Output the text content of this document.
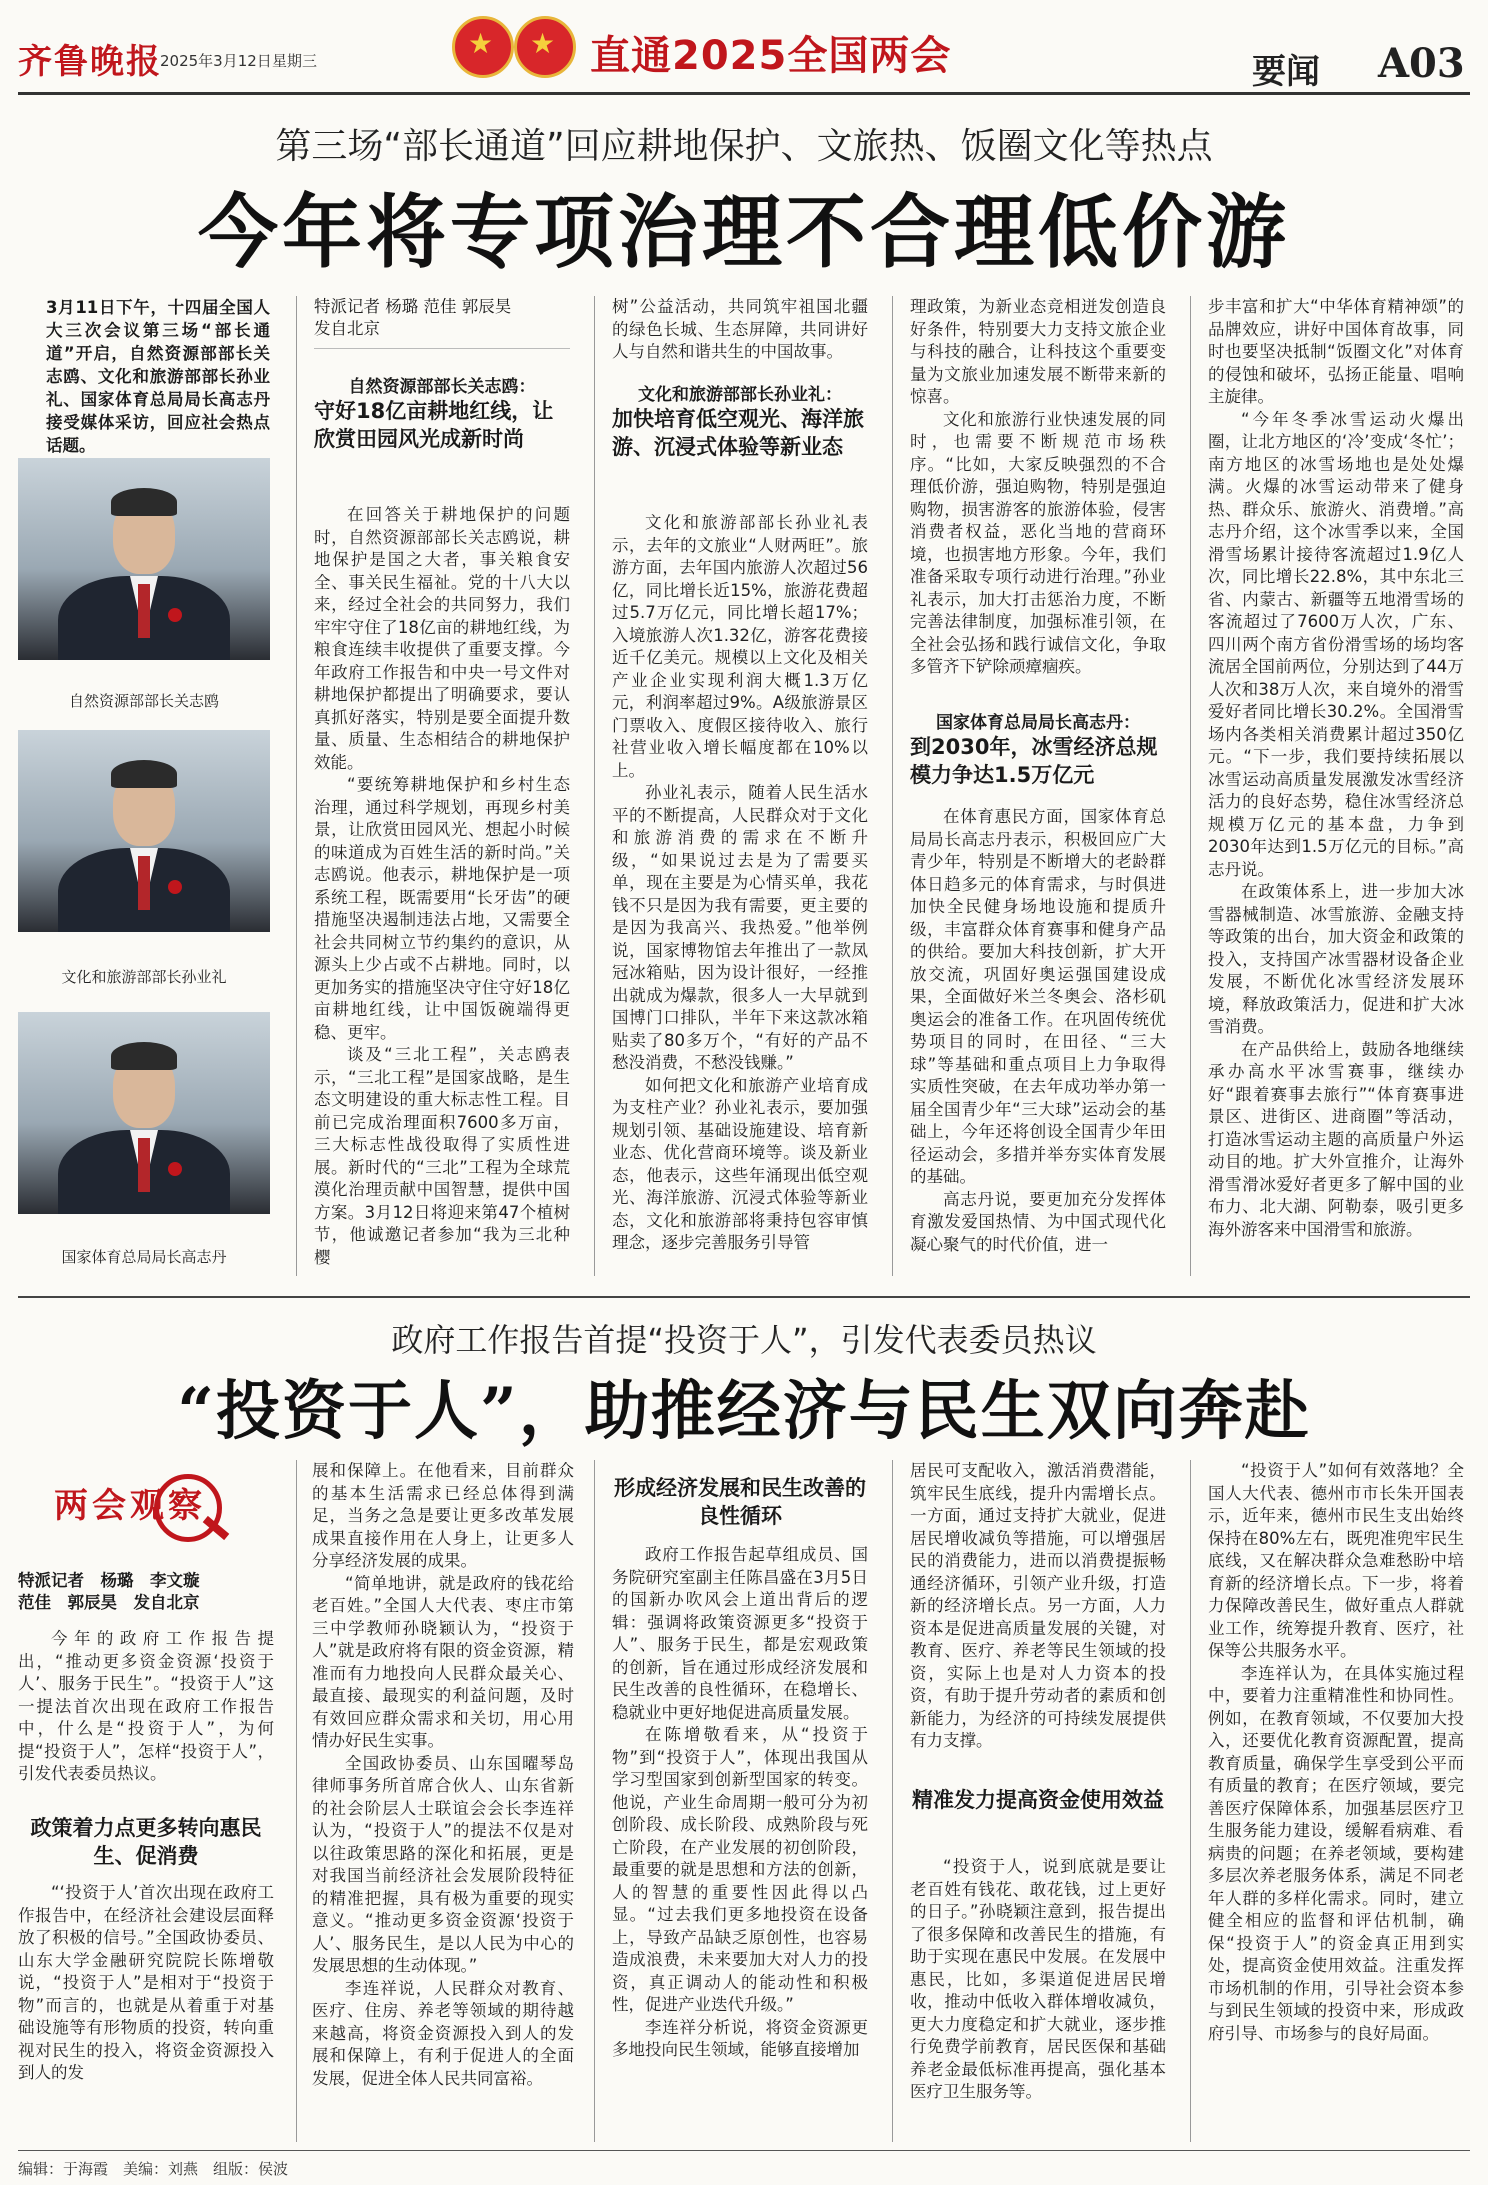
齐鲁晚报
2025年3月12日 星期三
★ ★ 直通2025全国两会	要闻 A03
第三场“部长通道”回应耕地保护、文旅热、饭圈文化等热点
今年将专项治理不合理低价游
3月11日下午，十四届全国人大三次会议第三场“部长通道”开启，自然资源部部长关志鸥、文化和旅游部部长孙业礼、国家体育总局局长高志丹接受媒体采访，回应社会热点话题。
自然资源部部长关志鸥
文化和旅游部部长孙业礼
国家体育总局局长高志丹
特派记者 杨璐 范佳 郭辰昊
发自北京
自然资源部部长关志鸥：
守好18亿亩耕地红线，让欣赏田园风光成新时尚

在回答关于耕地保护的问题时，自然资源部部长关志鸥说，耕地保护是国之大者，事关粮食安全、事关民生福祉。党的十八大以来，经过全社会的共同努力，我们牢牢守住了18亿亩的耕地红线，为粮食连续丰收提供了重要支撑。今年政府工作报告和中央一号文件对耕地保护都提出了明确要求，要认真抓好落实，特别是要全面提升数量、质量、生态相结合的耕地保护效能。

“要统筹耕地保护和乡村生态治理，通过科学规划，再现乡村美景，让欣赏田园风光、想起小时候的味道成为百姓生活的新时尚。”关志鸥说。他表示，耕地保护是一项系统工程，既需要用“长牙齿”的硬措施坚决遏制违法占地，又需要全社会共同树立节约集约的意识，从源头上少占或不占耕地。同时，以更加务实的措施坚决守住守好18亿亩耕地红线，让中国饭碗端得更稳、更牢。

谈及“三北工程”，关志鸥表示，“三北工程”是国家战略，是生态文明建设的重大标志性工程。目前已完成治理面积7600多万亩，三大标志性战役取得了实质性进展。新时代的“三北”工程为全球荒漠化治理贡献中国智慧，提供中国方案。3月12日将迎来第47个植树节，他诚邀记者参加“我为三北种樱

树”公益活动，共同筑牢祖国北疆的绿色长城、生态屏障，共同讲好人与自然和谐共生的中国故事。

文化和旅游部部长孙业礼：
加快培育低空观光、海洋旅游、沉浸式体验等新业态

文化和旅游部部长孙业礼表示，去年的文旅业“人财两旺”。旅游方面，去年国内旅游人次超过56亿，同比增长近15%，旅游花费超过5.7万亿元，同比增长超17%；入境旅游人次1.32亿，游客花费接近千亿美元。规模以上文化及相关产业企业实现利润大概1.3万亿元，利润率超过9%。A级旅游景区门票收入、度假区接待收入、旅行社营业收入增长幅度都在10%以上。

孙业礼表示，随着人民生活水平的不断提高，人民群众对于文化和旅游消费的需求在不断升级，“如果说过去是为了需要买单，现在主要是为心情买单，我花钱不只是因为我有需要，更主要的是因为我高兴、我热爱。”他举例说，国家博物馆去年推出了一款凤冠冰箱贴，因为设计很好，一经推出就成为爆款，很多人一大早就到国博门口排队，半年下来这款冰箱贴卖了80多万个，“有好的产品不愁没消费，不愁没钱赚。”

如何把文化和旅游产业培育成为支柱产业？孙业礼表示，要加强规划引领、基础设施建设、培育新业态、优化营商环境等。谈及新业态，他表示，这些年涌现出低空观光、海洋旅游、沉浸式体验等新业态，文化和旅游部将秉持包容审慎理念，逐步完善服务引导管

理政策，为新业态竞相迸发创造良好条件，特别要大力支持文旅企业与科技的融合，让科技这个重要变量为文旅业加速发展不断带来新的惊喜。

文化和旅游行业快速发展的同时，也需要不断规范市场秩序。“比如，大家反映强烈的不合理低价游，强迫购物，特别是强迫购物，损害游客的旅游体验，侵害消费者权益，恶化当地的营商环境，也损害地方形象。今年，我们准备采取专项行动进行治理。”孙业礼表示，加大打击惩治力度，不断完善法律制度，加强标准引领，在全社会弘扬和践行诚信文化，争取多管齐下铲除顽瘴痼疾。

国家体育总局局长高志丹：
到2030年，冰雪经济总规模力争达1.5万亿元

在体育惠民方面，国家体育总局局长高志丹表示，积极回应广大青少年，特别是不断增大的老龄群体日趋多元的体育需求，与时俱进加快全民健身场地设施和提质升级，丰富群众体育赛事和健身产品的供给。要加大科技创新，扩大开放交流，巩固好奥运强国建设成果，全面做好米兰冬奥会、洛杉矶奥运会的准备工作。在巩固传统优势项目的同时，在田径、“三大球”等基础和重点项目上力争取得实质性突破，在去年成功举办第一届全国青少年“三大球”运动会的基础上，今年还将创设全国青少年田径运动会，多措并举夯实体育发展的基础。

高志丹说，要更加充分发挥体育激发爱国热情、为中国式现代化凝心聚气的时代价值，进一

步丰富和扩大“中华体育精神颂”的品牌效应，讲好中国体育故事，同时也要坚决抵制“饭圈文化”对体育的侵蚀和破坏，弘扬正能量、唱响主旋律。

“今年冬季冰雪运动火爆出圈，让北方地区的‘冷’变成‘冬忙’；南方地区的冰雪场地也是处处爆满。火爆的冰雪运动带来了健身热、群众乐、旅游火、消费增。”高志丹介绍，这个冰雪季以来，全国滑雪场累计接待客流超过1.9亿人次，同比增长22.8%，其中东北三省、内蒙古、新疆等五地滑雪场的客流超过了7600万人次，广东、四川两个南方省份滑雪场的场均客流居全国前两位，分别达到了44万人次和38万人次，来自境外的滑雪爱好者同比增长30.2%。全国滑雪场内各类相关消费累计超过350亿元。“下一步，我们要持续拓展以冰雪运动高质量发展激发冰雪经济活力的良好态势，稳住冰雪经济总规模万亿元的基本盘，力争到2030年达到1.5万亿元的目标。”高志丹说。

在政策体系上，进一步加大冰雪器械制造、冰雪旅游、金融支持等政策的出台，加大资金和政策的投入，支持国产冰雪器材设备企业发展，不断优化冰雪经济发展环境，释放政策活力，促进和扩大冰雪消费。

在产品供给上，鼓励各地继续承办高水平冰雪赛事，继续办好“跟着赛事去旅行”“体育赛事进景区、进街区、进商圈”等活动，打造冰雪运动主题的高质量户外运动目的地。扩大外宣推介，让海外滑雪滑冰爱好者更多了解中国的业布力、北大湖、阿勒泰，吸引更多海外游客来中国滑雪和旅游。

政府工作报告首提“投资于人”，引发代表委员热议
“投资于人”，助推经济与民生双向奔赴
两会观察
特派记者　杨璐　李文璇
范佳　郭辰昊　发自北京

今年的政府工作报告提出，“推动更多资金资源‘投资于人’、服务于民生”。“投资于人”这一提法首次出现在政府工作报告中，什么是“投资于人”，为何提“投资于人”，怎样“投资于人”，引发代表委员热议。

政策着力点更多转向惠民生、促消费

“‘投资于人’首次出现在政府工作报告中，在经济社会建设层面释放了积极的信号。”全国政协委员、山东大学金融研究院院长陈增敬说，“投资于人”是相对于“投资于物”而言的，也就是从着重于对基础设施等有形物质的投资，转向重视对民生的投入，将资金资源投入到人的发

展和保障上。在他看来，目前群众的基本生活需求已经总体得到满足，当务之急是要让更多改革发展成果直接作用在人身上，让更多人分享经济发展的成果。

“简单地讲，就是政府的钱花给老百姓。”全国人大代表、枣庄市第三中学教师孙晓颖认为，“投资于人”就是政府将有限的资金资源，精准而有力地投向人民群众最关心、最直接、最现实的利益问题，及时有效回应群众需求和关切，用心用情办好民生实事。

全国政协委员、山东国曜琴岛律师事务所首席合伙人、山东省新的社会阶层人士联谊会会长李连祥认为，“投资于人”的提法不仅是对以往政策思路的深化和拓展，更是对我国当前经济社会发展阶段特征的精准把握，具有极为重要的现实意义。“推动更多资金资源‘投资于人’、服务民生，是以人民为中心的发展思想的生动体现。”

李连祥说，人民群众对教育、医疗、住房、养老等领域的期待越来越高，将资金资源投入到人的发展和保障上，有利于促进人的全面发展，促进全体人民共同富裕。

形成经济发展和民生改善的良性循环

政府工作报告起草组成员、国务院研究室副主任陈昌盛在3月5日的国新办吹风会上道出背后的逻辑：强调将政策资源更多“投资于人”、服务于民生，都是宏观政策的创新，旨在通过形成经济发展和民生改善的良性循环，在稳增长、稳就业中更好地促进高质量发展。

在陈增敬看来，从“投资于物”到“投资于人”，体现出我国从学习型国家到创新型国家的转变。他说，产业生命周期一般可分为初创阶段、成长阶段、成熟阶段与死亡阶段，在产业发展的初创阶段，最重要的就是思想和方法的创新，人的智慧的重要性因此得以凸显。“过去我们更多地投资在设备上，导致产品缺乏原创性，也容易造成浪费，未来要加大对人力的投资，真正调动人的能动性和积极性，促进产业迭代升级。”

李连祥分析说，将资金资源更多地投向民生领域，能够直接增加

居民可支配收入，激活消费潜能，筑牢民生底线，提升内需增长点。一方面，通过支持扩大就业，促进居民增收减负等措施，可以增强居民的消费能力，进而以消费提振畅通经济循环，引领产业升级，打造新的经济增长点。另一方面，人力资本是促进高质量发展的关键，对教育、医疗、养老等民生领域的投资，实际上也是对人力资本的投资，有助于提升劳动者的素质和创新能力，为经济的可持续发展提供有力支撑。

精准发力提高资金使用效益

“投资于人，说到底就是要让老百姓有钱花、敢花钱，过上更好的日子。”孙晓颖注意到，报告提出了很多保障和改善民生的措施，有助于实现在惠民中发展。在发展中惠民，比如，多渠道促进居民增收，推动中低收入群体增收减负，更大力度稳定和扩大就业，逐步推行免费学前教育，居民医保和基础养老金最低标准再提高，强化基本医疗卫生服务等。

“投资于人”如何有效落地？全国人大代表、德州市市长朱开国表示，近年来，德州市民生支出始终保持在80%左右，既兜准兜牢民生底线，又在解决群众急难愁盼中培育新的经济增长点。下一步，将着力保障改善民生，做好重点人群就业工作，统筹提升教育、医疗，社保等公共服务水平。

李连祥认为，在具体实施过程中，要着力注重精准性和协同性。例如，在教育领域，不仅要加大投入，还要优化教育资源配置，提高教育质量，确保学生享受到公平而有质量的教育；在医疗领域，要完善医疗保障体系，加强基层医疗卫生服务能力建设，缓解看病难、看病贵的问题；在养老领域，要构建多层次养老服务体系，满足不同老年人群的多样化需求。同时，建立健全相应的监督和评估机制，确保“投资于人”的资金真正用到实处，提高资金使用效益。注重发挥市场机制的作用，引导社会资本参与到民生领域的投资中来，形成政府引导、市场参与的良好局面。

编辑：于海霞　美编：刘燕　组版：侯波
